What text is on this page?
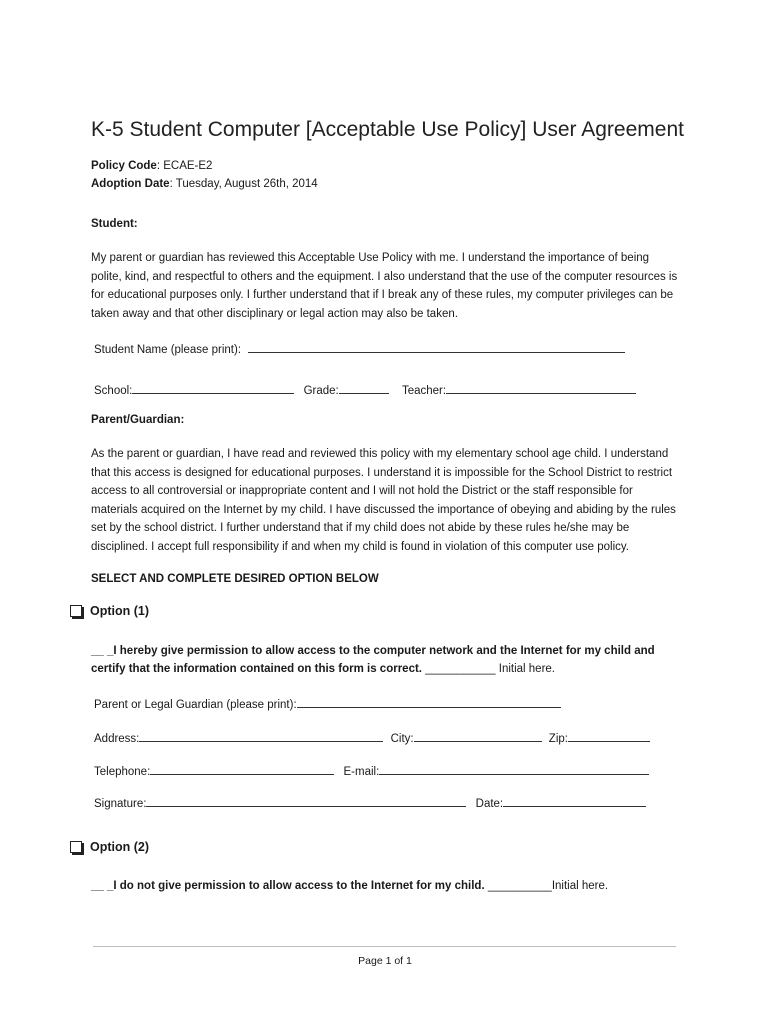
K-5 Student Computer [Acceptable Use Policy] User Agreement
Policy Code: ECAE-E2
Adoption Date: Tuesday, August 26th, 2014
Student:

My parent or guardian has reviewed this Acceptable Use Policy with me. I understand the importance of being polite, kind, and respectful to others and the equipment. I also understand that the use of the computer resources is for educational purposes only. I further understand that if I break any of these rules, my computer privileges can be taken away and that other disciplinary or legal action may also be taken.

Student Name (please print):
School:	Grade:	Teacher:
Parent/Guardian:

As the parent or guardian, I have read and reviewed this policy with my elementary school age child. I understand that this access is designed for educational purposes. I understand it is impossible for the School District to restrict access to all controversial or inappropriate content and I will not hold the District or the staff responsible for materials acquired on the Internet by my child. I have discussed the importance of obeying and abiding by the rules set by the school district. I further understand that if my child does not abide by these rules he/she may be disciplined. I accept full responsibility if and when my child is found in violation of this computer use policy.

SELECT AND COMPLETE DESIRED OPTION BELOW
Option (1)
__ _I hereby give permission to allow access to the computer network and the Internet for my child and
certify that the information contained on this form is correct. ___________ Initial here.
Parent or Legal Guardian (please print):
Address:	City:	Zip:
Telephone:	E-mail:
Signature:	Date:
Option (2)
__ _I do not give permission to allow access to the Internet for my child. __________Initial here.
Page 1 of 1
